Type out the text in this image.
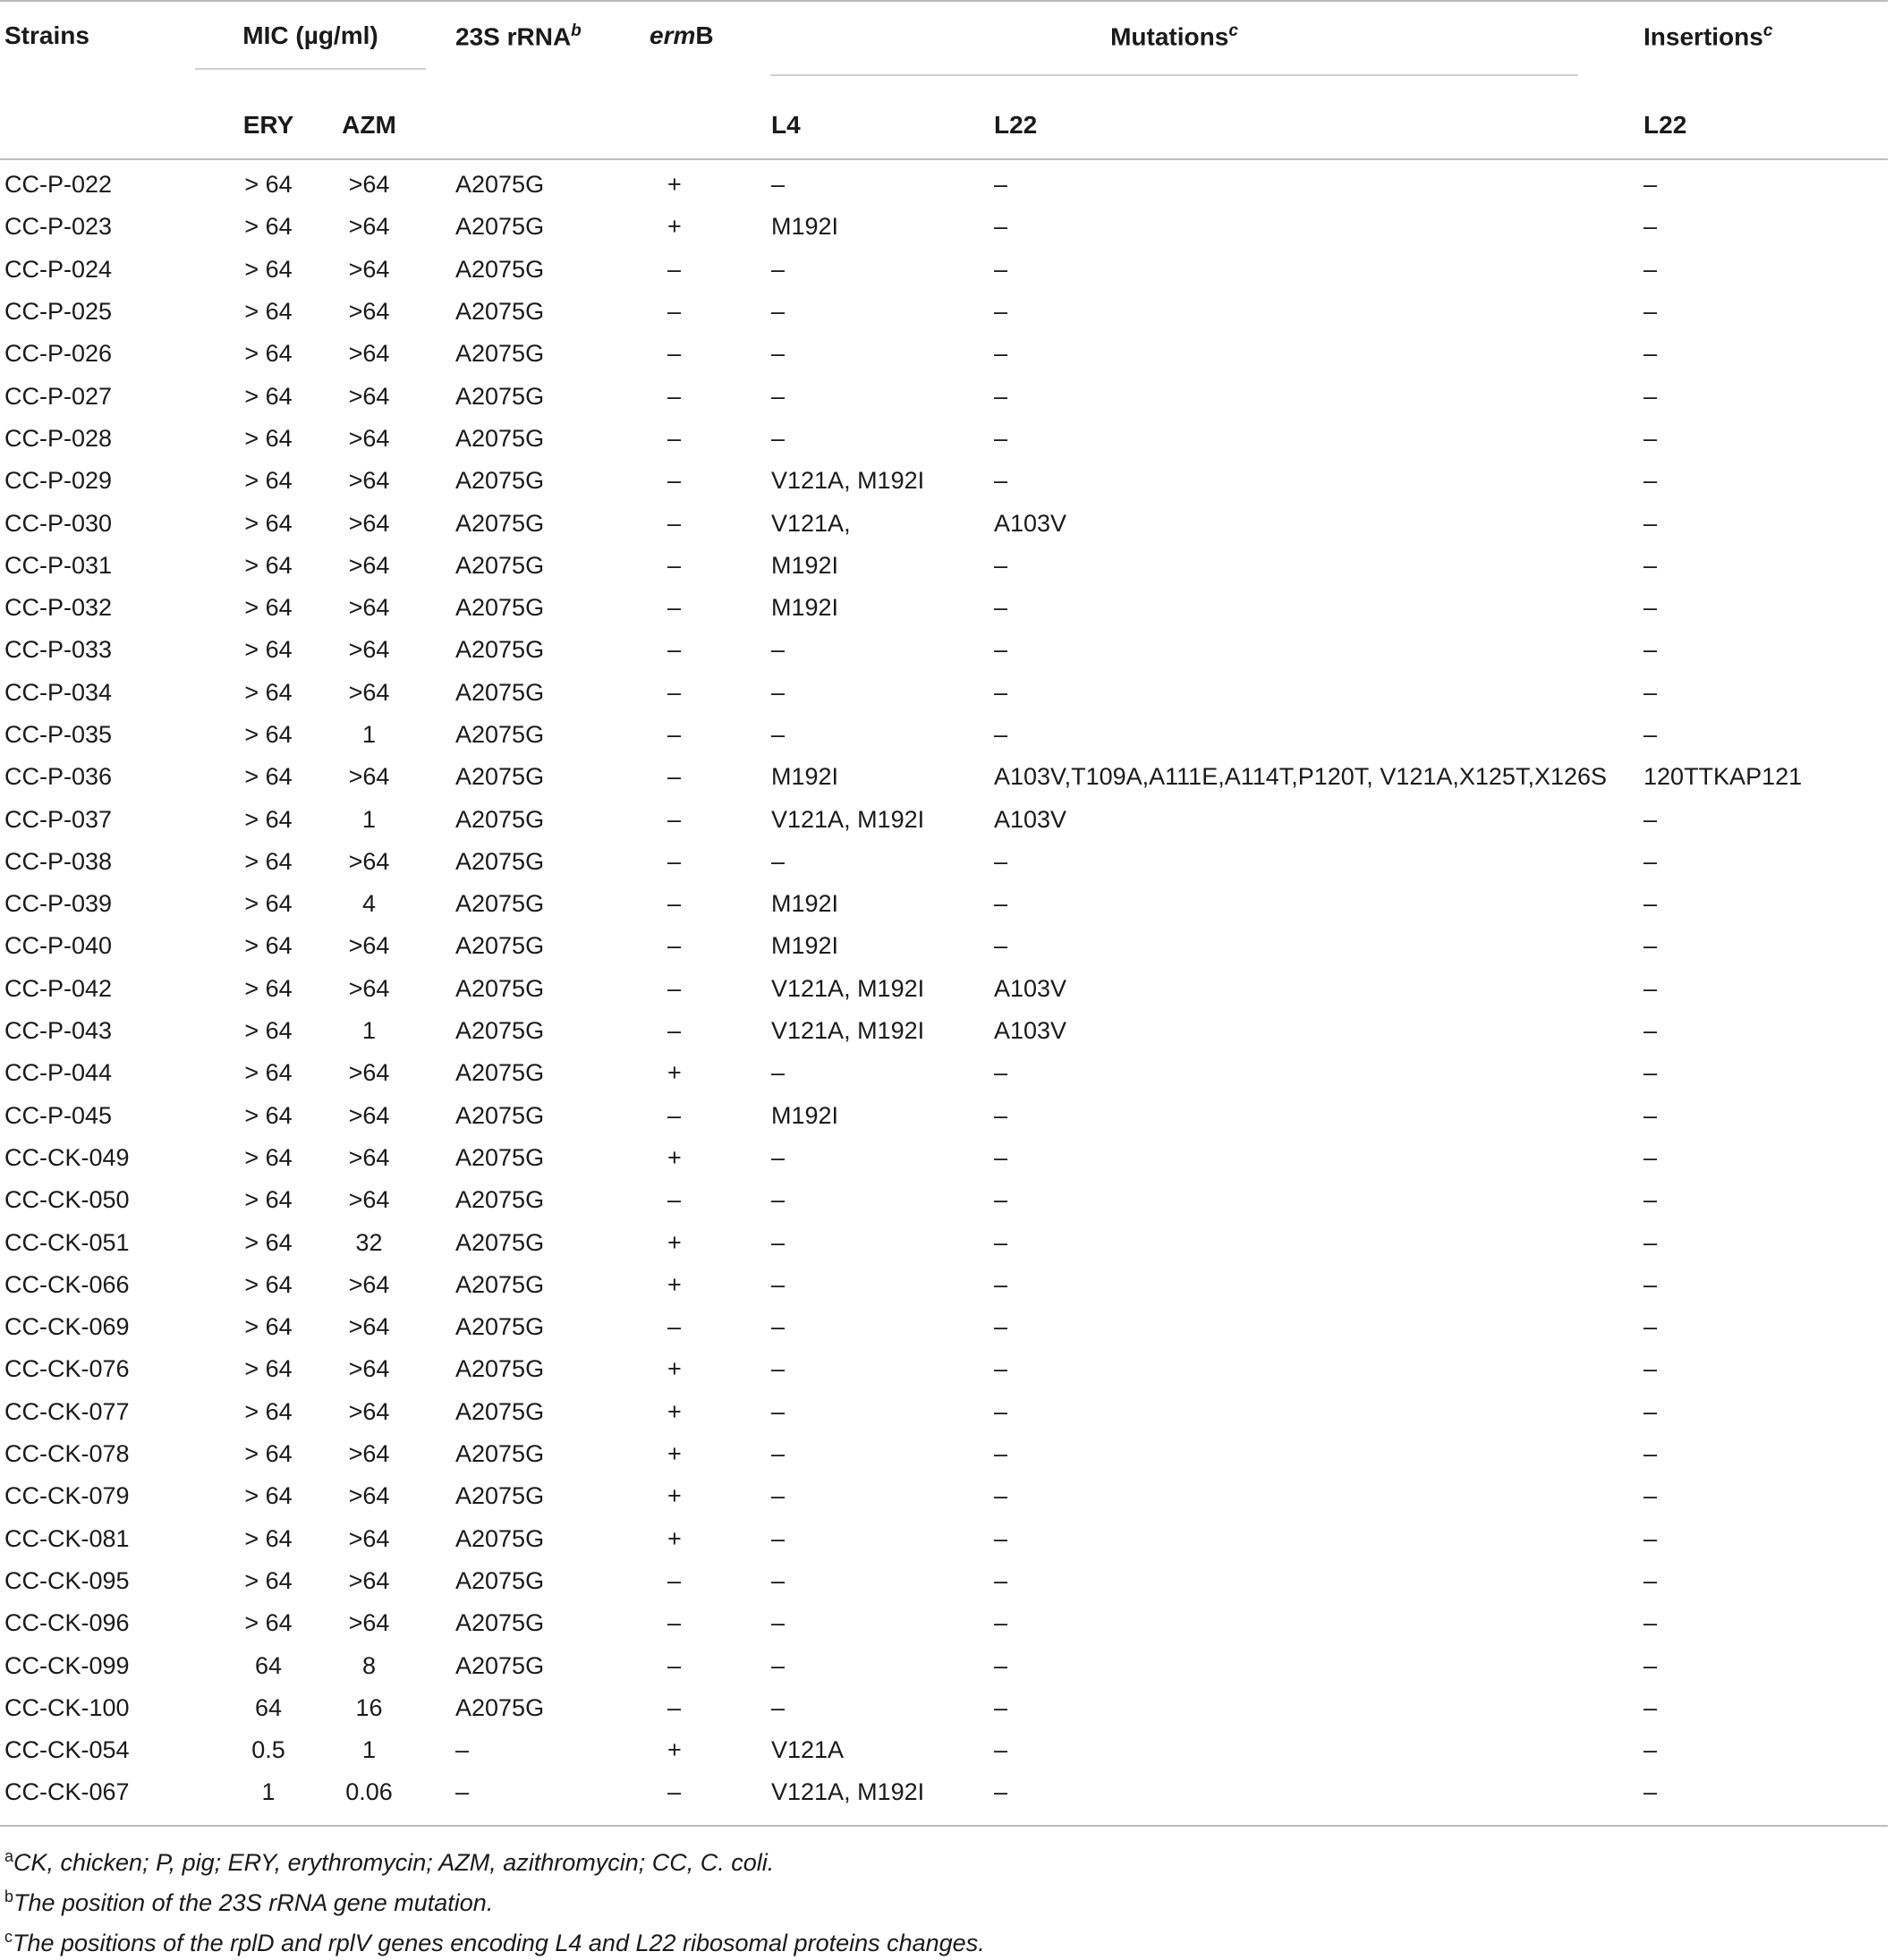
Strains	MIC (µg/ml)		23S rRNA$^b$	ermB	Mutations$^c$		Insertions$^c$
	ERY	AZM			L4	L22	L22
CC-P-022	> 64	>64	A2075G	+	–	–	–
CC-P-023	> 64	>64	A2075G	+	M192I	–	–
CC-P-024	> 64	>64	A2075G	–	–	–	–
CC-P-025	> 64	>64	A2075G	–	–	–	–
CC-P-026	> 64	>64	A2075G	–	–	–	–
CC-P-027	> 64	>64	A2075G	–	–	–	–
CC-P-028	> 64	>64	A2075G	–	–	–	–
CC-P-029	> 64	>64	A2075G	–	V121A, M192I	–	–
CC-P-030	> 64	>64	A2075G	–	V121A,	A103V	–
CC-P-031	> 64	>64	A2075G	–	M192I	–	–
CC-P-032	> 64	>64	A2075G	–	M192I	–	–
CC-P-033	> 64	>64	A2075G	–	–	–	–
CC-P-034	> 64	>64	A2075G	–	–	–	–
CC-P-035	> 64	1	A2075G	–	–	–	–
CC-P-036	> 64	>64	A2075G	–	M192I	A103V,T109A,A111E,A114T,P120T, V121A,X125T,X126S	120TTKAP121
CC-P-037	> 64	1	A2075G	–	V121A, M192I	A103V	–
CC-P-038	> 64	>64	A2075G	–	–	–	–
CC-P-039	> 64	4	A2075G	–	M192I	–	–
CC-P-040	> 64	>64	A2075G	–	M192I	–	–
CC-P-042	> 64	>64	A2075G	–	V121A, M192I	A103V	–
CC-P-043	> 64	1	A2075G	–	V121A, M192I	A103V	–
CC-P-044	> 64	>64	A2075G	+	–	–	–
CC-P-045	> 64	>64	A2075G	–	M192I	–	–
CC-CK-049	> 64	>64	A2075G	+	–	–	–
CC-CK-050	> 64	>64	A2075G	–	–	–	–
CC-CK-051	> 64	32	A2075G	+	–	–	–
CC-CK-066	> 64	>64	A2075G	+	–	–	–
CC-CK-069	> 64	>64	A2075G	–	–	–	–
CC-CK-076	> 64	>64	A2075G	+	–	–	–
CC-CK-077	> 64	>64	A2075G	+	–	–	–
CC-CK-078	> 64	>64	A2075G	+	–	–	–
CC-CK-079	> 64	>64	A2075G	+	–	–	–
CC-CK-081	> 64	>64	A2075G	+	–	–	–
CC-CK-095	> 64	>64	A2075G	–	–	–	–
CC-CK-096	> 64	>64	A2075G	–	–	–	–
CC-CK-099	64	8	A2075G	–	–	–	–
CC-CK-100	64	16	A2075G	–	–	–	–
CC-CK-054	0.5	1	–	+	V121A	–	–
CC-CK-067	1	0.06	–	–	V121A, M192I	–	–
$^a$CK, chicken; P, pig; ERY, erythromycin; AZM, azithromycin; CC, C. coli.
$^b$The position of the 23S rRNA gene mutation.
$^c$The positions of the rplD and rplV genes encoding L4 and L22 ribosomal proteins changes.
